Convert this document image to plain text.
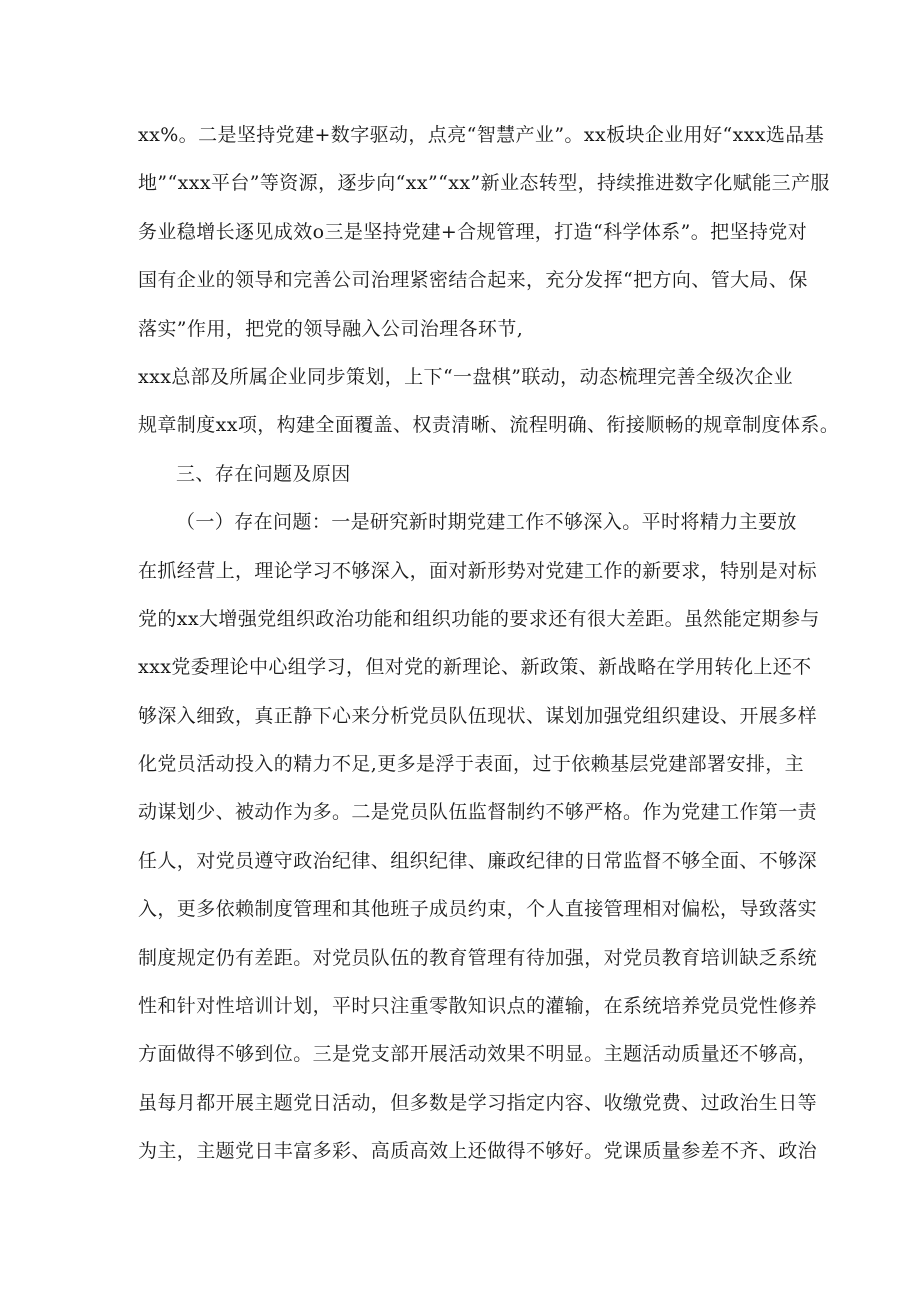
xx%。二是坚持党建+数字驱动，点亮“智慧产业”。xx板块企业用好“xxx选品基
地”“xxx平台”等资源，逐步向“xx”“xx”新业态转型，持续推进数字化赋能三产服
务业稳增长逐见成效o三是坚持党建+合规管理，打造“科学体系”。把坚持党对
国有企业的领导和完善公司治理紧密结合起来，充分发挥“把方向、管大局、保
落实”作用，把党的领导融入公司治理各环节,
xxx总部及所属企业同步策划，上下“一盘棋”联动，动态梳理完善全级次企业
规章制度xx项，构建全面覆盖、权责清晰、流程明确、衔接顺畅的规章制度体系。
三、存在问题及原因
（一）存在问题：一是研究新时期党建工作不够深入。平时将精力主要放
在抓经营上，理论学习不够深入，面对新形势对党建工作的新要求，特别是对标
党的xx大增强党组织政治功能和组织功能的要求还有很大差距。虽然能定期参与
xxx党委理论中心组学习，但对党的新理论、新政策、新战略在学用转化上还不
够深入细致，真正静下心来分析党员队伍现状、谋划加强党组织建设、开展多样
化党员活动投入的精力不足,更多是浮于表面，过于依赖基层党建部署安排，主
动谋划少、被动作为多。二是党员队伍监督制约不够严格。作为党建工作第一责
任人，对党员遵守政治纪律、组织纪律、廉政纪律的日常监督不够全面、不够深
入，更多依赖制度管理和其他班子成员约束，个人直接管理相对偏松，导致落实
制度规定仍有差距。对党员队伍的教育管理有待加强，对党员教育培训缺乏系统
性和针对性培训计划，平时只注重零散知识点的灌输，在系统培养党员党性修养
方面做得不够到位。三是党支部开展活动效果不明显。主题活动质量还不够高，
虽每月都开展主题党日活动，但多数是学习指定内容、收缴党费、过政治生日等
为主，主题党日丰富多彩、高质高效上还做得不够好。党课质量参差不齐、政治
